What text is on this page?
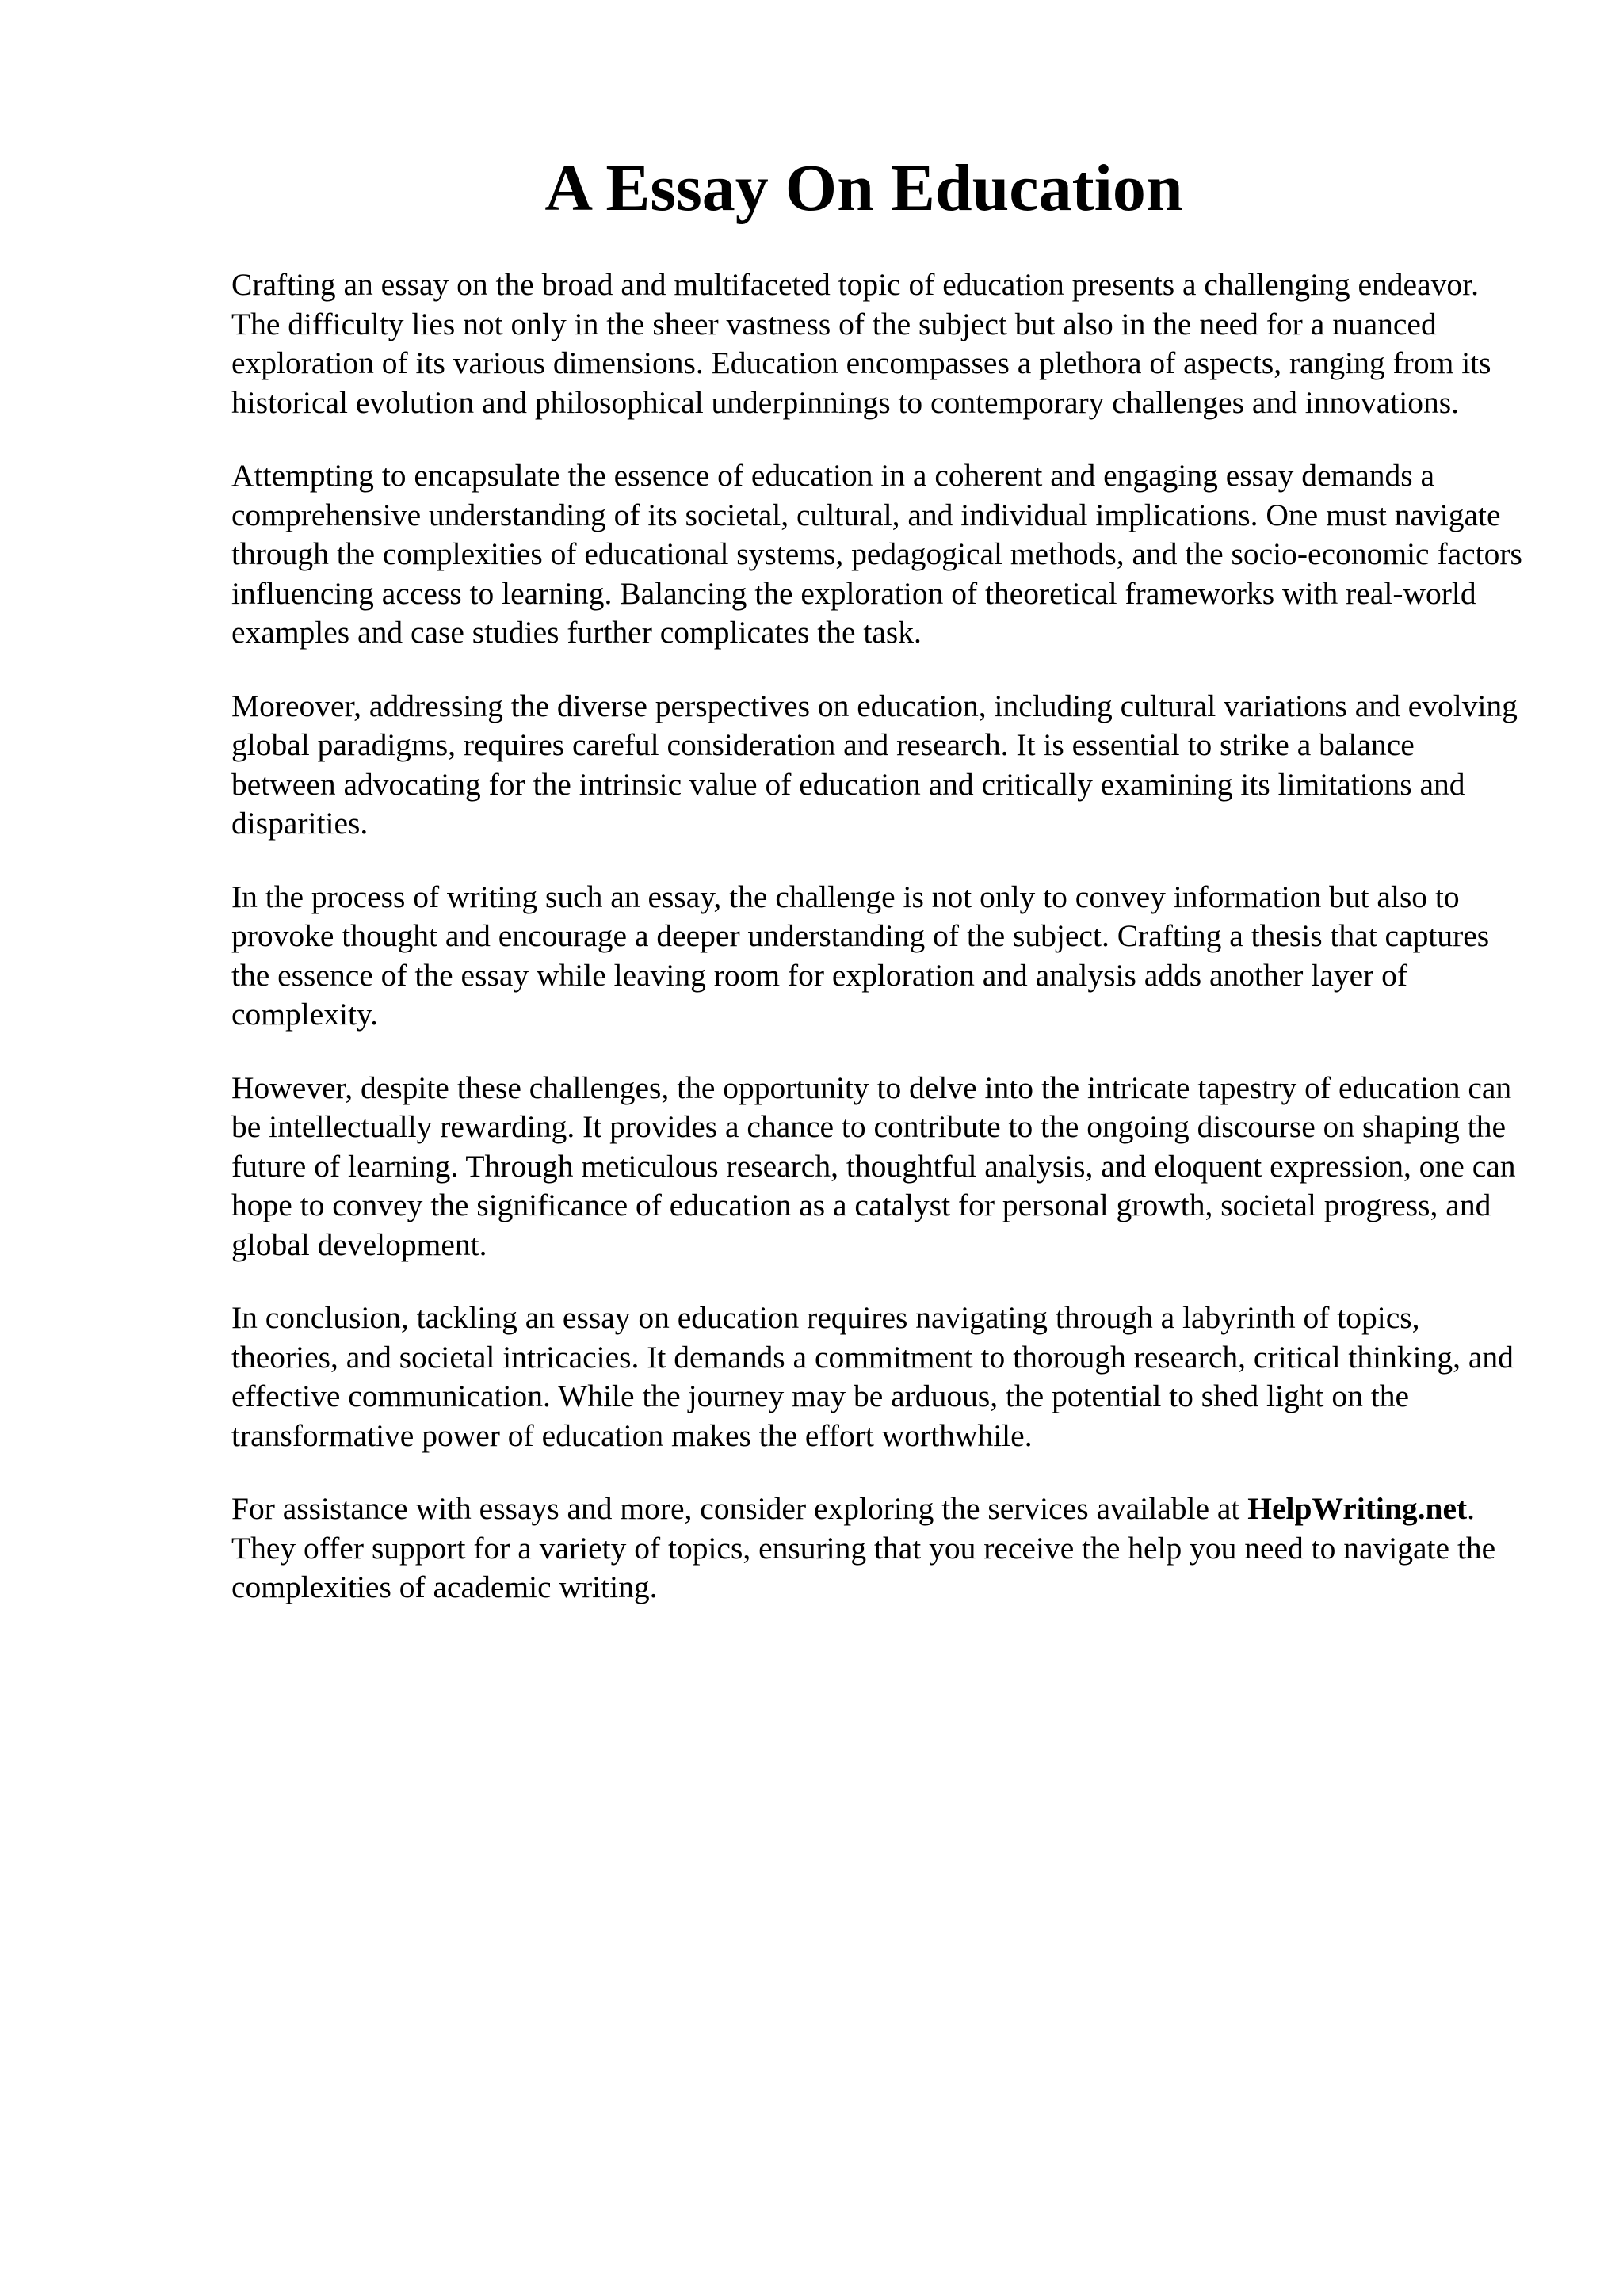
A Essay On Education

Crafting an essay on the broad and multifaceted topic of education presents a challenging endeavor. The difficulty lies not only in the sheer vastness of the subject but also in the need for a nuanced exploration of its various dimensions. Education encompasses a plethora of aspects, ranging from its historical evolution and philosophical underpinnings to contemporary challenges and innovations.

Attempting to encapsulate the essence of education in a coherent and engaging essay demands a comprehensive understanding of its societal, cultural, and individual implications. One must navigate through the complexities of educational systems, pedagogical methods, and the socio-economic factors influencing access to learning. Balancing the exploration of theoretical frameworks with real-world examples and case studies further complicates the task.

Moreover, addressing the diverse perspectives on education, including cultural variations and evolving global paradigms, requires careful consideration and research. It is essential to strike a balance between advocating for the intrinsic value of education and critically examining its limitations and disparities.

In the process of writing such an essay, the challenge is not only to convey information but also to provoke thought and encourage a deeper understanding of the subject. Crafting a thesis that captures the essence of the essay while leaving room for exploration and analysis adds another layer of complexity.

However, despite these challenges, the opportunity to delve into the intricate tapestry of education can be intellectually rewarding. It provides a chance to contribute to the ongoing discourse on shaping the future of learning. Through meticulous research, thoughtful analysis, and eloquent expression, one can hope to convey the significance of education as a catalyst for personal growth, societal progress, and global development.

In conclusion, tackling an essay on education requires navigating through a labyrinth of topics, theories, and societal intricacies. It demands a commitment to thorough research, critical thinking, and effective communication. While the journey may be arduous, the potential to shed light on the transformative power of education makes the effort worthwhile.

For assistance with essays and more, consider exploring the services available at HelpWriting.net. They offer support for a variety of topics, ensuring that you receive the help you need to navigate the complexities of academic writing.
